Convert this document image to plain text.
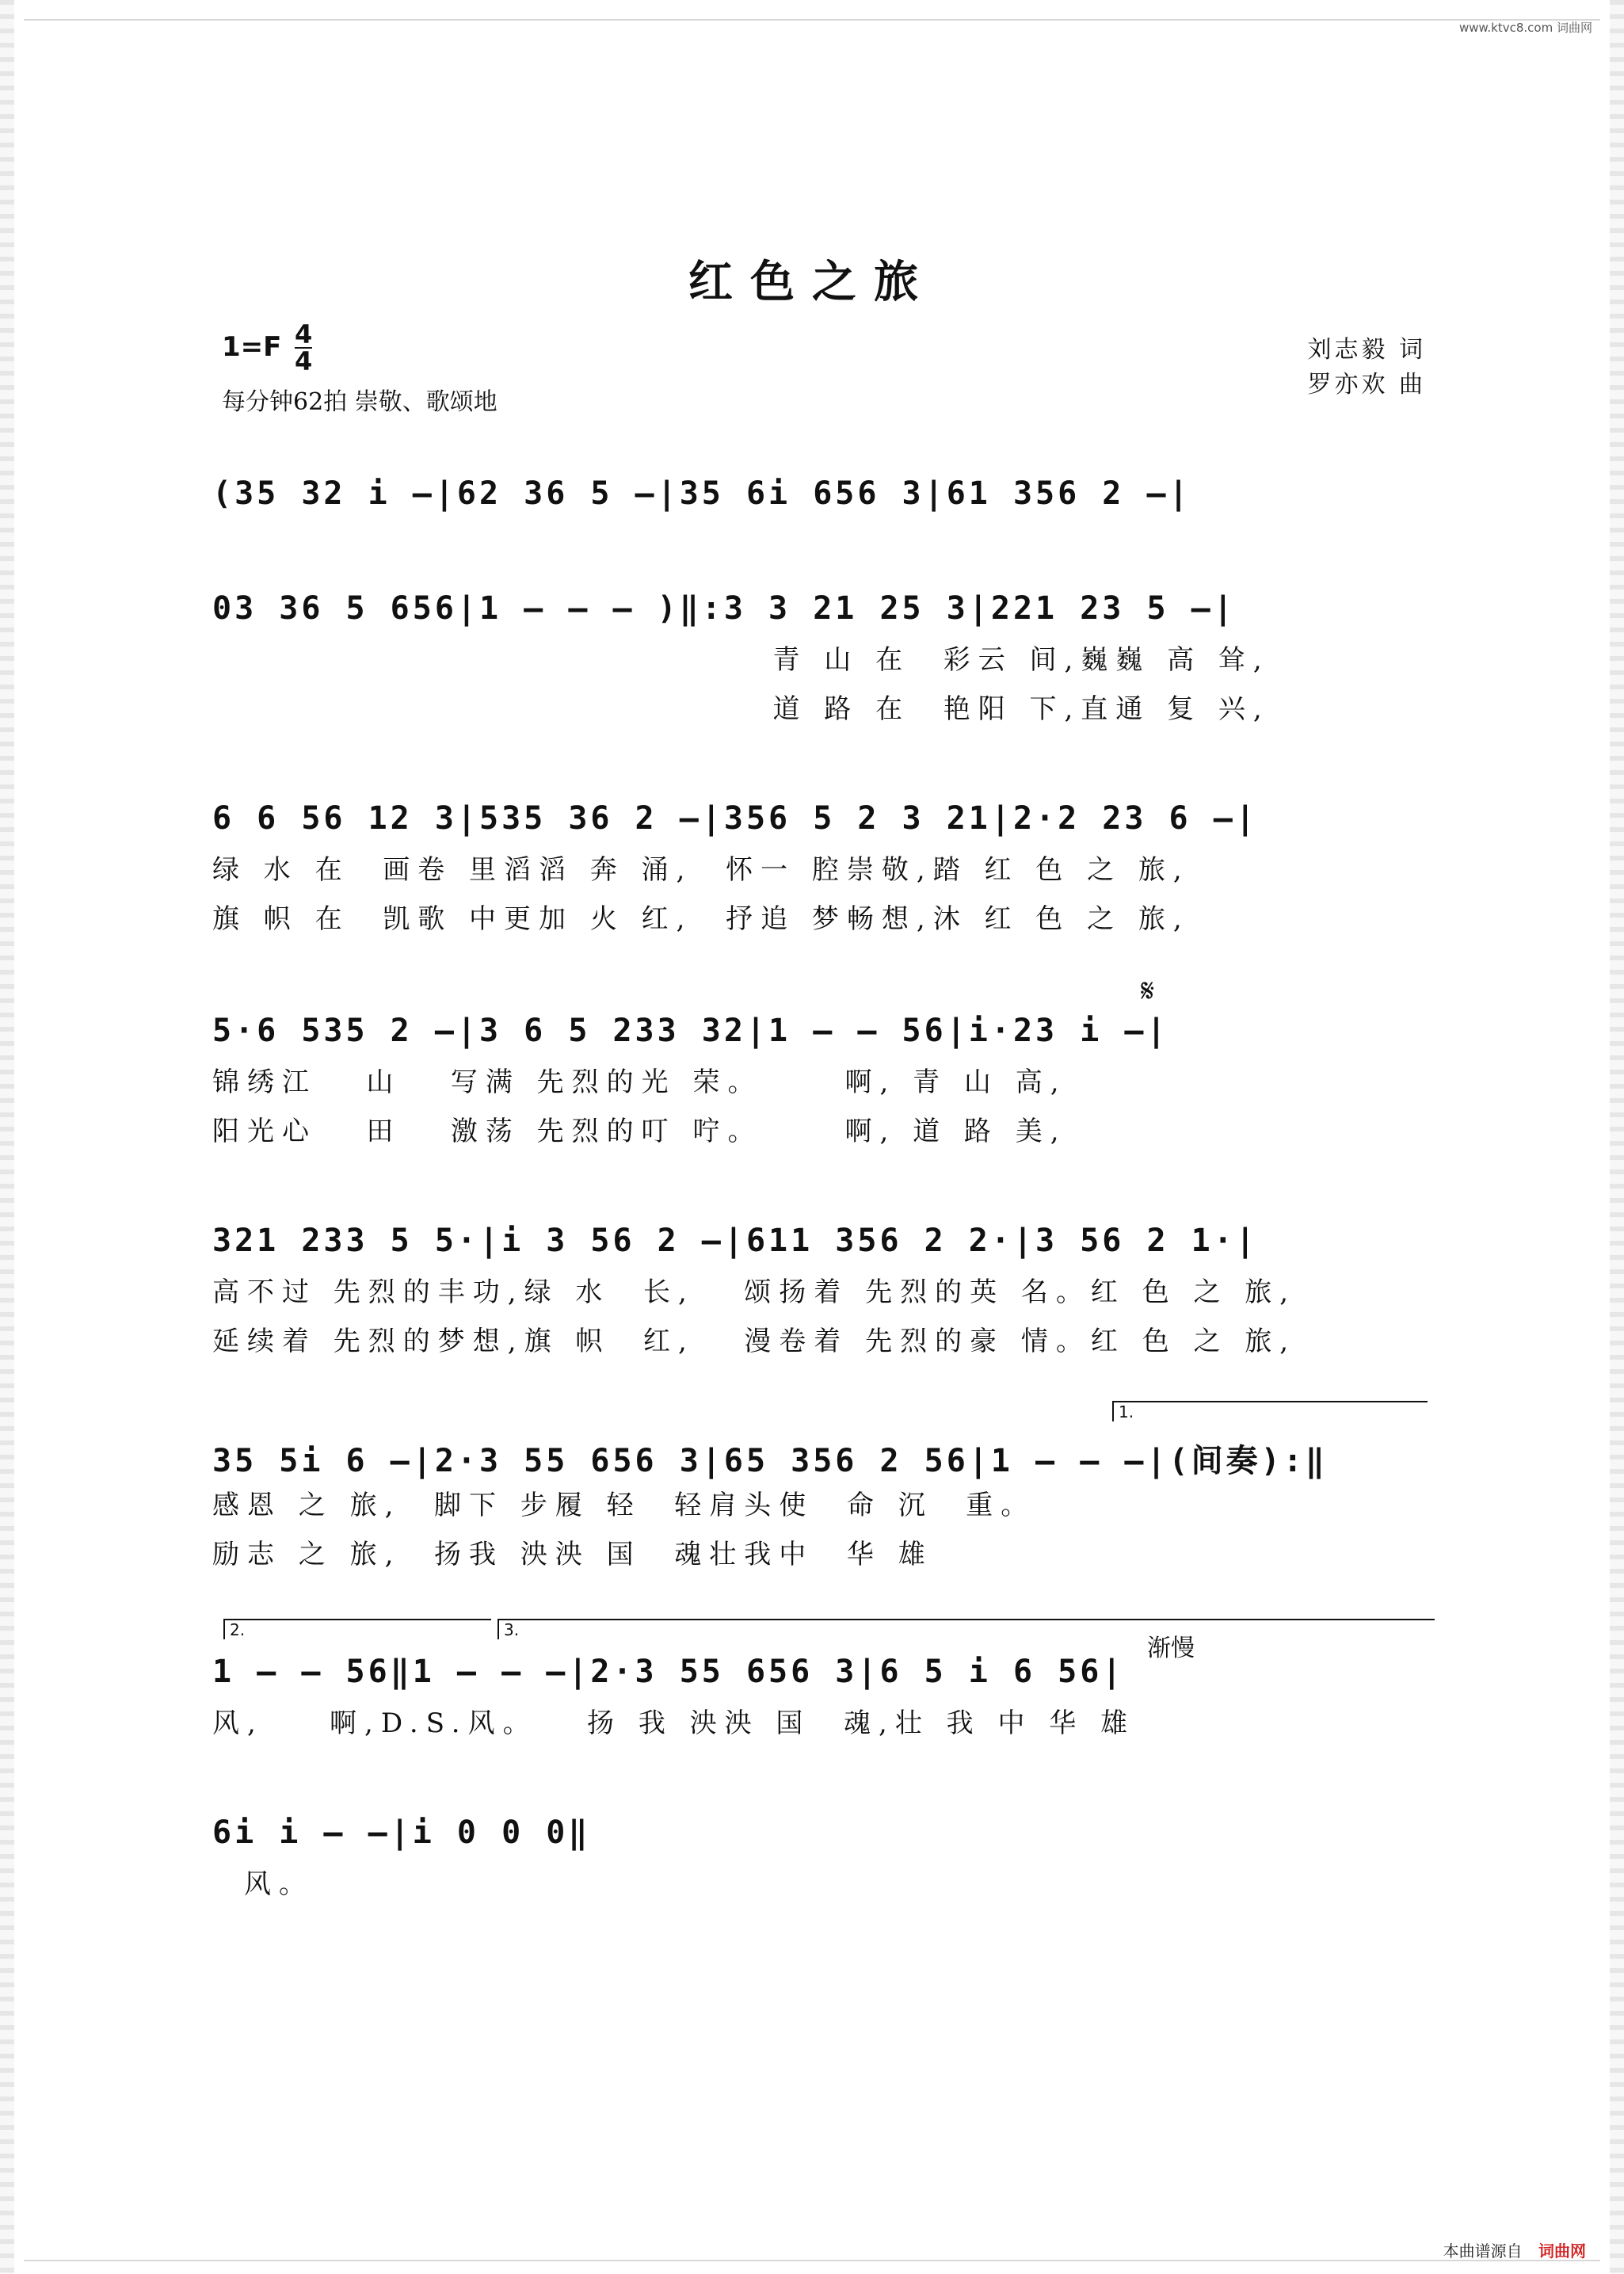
www.ktvc8.com 词曲网
红色之旅
1=F 4
4
每分钟62拍 崇敬、歌颂地
刘志毅 词
罗亦欢 曲
(35 32 i —|62 36 5 —|35 6i 656 3|61 356 2 —|
03 36 5 656|1 — — — )‖:3 3 21 25 3|221 23 5 —|
青 山 在  彩云 间,巍巍 高 耸,
道 路 在  艳阳 下,直通 复 兴,
6 6 56 12 3|535 36 2 —|356 5 2 3 21|2·2 23 6 —|
绿 水 在  画卷 里滔滔 奔 涌,  怀一 腔崇敬,踏 红 色 之 旅,
旗 帜 在  凯歌 中更加 火 红,  抒追 梦畅想,沐 红 色 之 旅,
5·6 535 2 —|3 6 5 233 32|1 — — 56|i·23 i —|
锦绣江   山   写满 先烈的光 荣。     啊, 青 山 高,
阳光心   田   激荡 先烈的叮 咛。     啊, 道 路 美,
𝄋
321 233 5 5·|i 3 56 2 —|611 356 2 2·|3 56 2 1·|
高不过 先烈的丰功,绿 水  长,   颂扬着 先烈的英 名。红 色 之 旅,
延续着 先烈的梦想,旗 帜  红,   漫卷着 先烈的豪 情。红 色 之 旅,
1.
35 5i 6 —|2·3 55 656 3|65 356 2 56|1 — — —|(间奏):‖
感恩 之 旅,  脚下 步履 轻  轻肩头使  命 沉  重。
励志 之 旅,  扬我 泱泱 国  魂壮我中  华 雄
2.	3.
渐慢
1 — — 56‖1 — — —|2·3 55 656 3|6 5 i 6 56|
风,    啊,D.S.风。   扬 我 泱泱 国  魂,壮 我 中 华 雄
6i i — —|i 0 0 0‖
风。
本曲谱源自 词曲网
